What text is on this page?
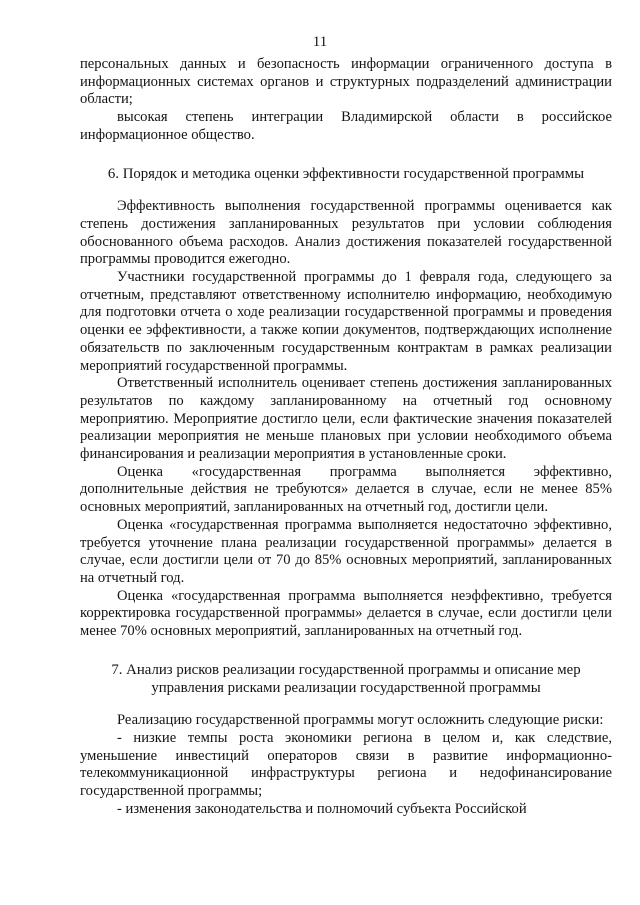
11

персональных данных и безопасность информации ограниченного доступа в информационных системах органов и структурных подразделений администрации области;

высокая степень интеграции Владимирской области в российское информационное общество.

6. Порядок и методика оценки эффективности государственной программы

Эффективность выполнения государственной программы оценивается как степень достижения запланированных результатов при условии соблюдения обоснованного объема расходов. Анализ достижения показателей государственной программы проводится ежегодно.

Участники государственной программы до 1 февраля года, следующего за отчетным, представляют ответственному исполнителю информацию, необходимую для подготовки отчета о ходе реализации государственной программы и проведения оценки ее эффективности, а также копии документов, подтверждающих исполнение обязательств по заключенным государственным контрактам в рамках реализации мероприятий государственной программы.

Ответственный исполнитель оценивает степень достижения запланированных результатов по каждому запланированному на отчетный год основному мероприятию. Мероприятие достигло цели, если фактические значения показателей реализации мероприятия не меньше плановых при условии необходимого объема финансирования и реализации мероприятия в установленные сроки.

Оценка «государственная программа выполняется эффективно, дополнительные действия не требуются» делается в случае, если не менее 85% основных мероприятий, запланированных на отчетный год, достигли цели.

Оценка «государственная программа выполняется недостаточно эффективно, требуется уточнение плана реализации государственной программы» делается в случае, если достигли цели от 70 до 85% основных мероприятий, запланированных на отчетный год.

Оценка «государственная программа выполняется неэффективно, требуется корректировка государственной программы» делается в случае, если достигли цели менее 70% основных мероприятий, запланированных на отчетный год.

7. Анализ рисков реализации государственной программы и описание мер
управления рисками реализации государственной программы

Реализацию государственной программы могут осложнить следующие риски:

- низкие темпы роста экономики региона в целом и, как следствие, уменьшение инвестиций операторов связи в развитие информационно-телекоммуникационной инфраструктуры региона и недофинансирование государственной программы;

- изменения законодательства и полномочий субъекта Российской
